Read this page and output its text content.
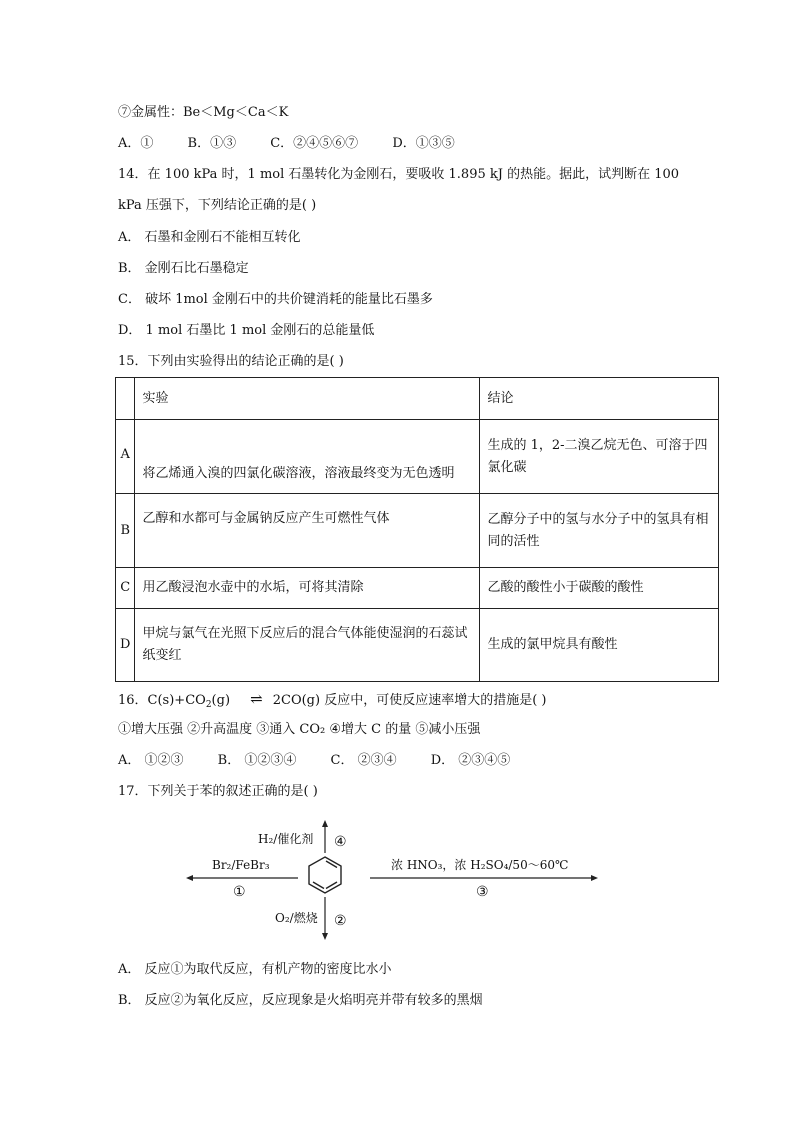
⑦金属性：Be＜Mg＜Ca＜K
A．①	B．①③	C．②④⑤⑥⑦	D．①③⑤
14．在 100 kPa 时，1 mol 石墨转化为金刚石，要吸收 1.895 kJ 的热能。据此，试判断在 100
kPa 压强下，下列结论正确的是( )
A． 石墨和金刚石不能相互转化
B． 金刚石比石墨稳定
C． 破坏 1mol 金刚石中的共价键消耗的能量比石墨多
D． 1 mol 石墨比 1 mol 金刚石的总能量低
15．下列由实验得出的结论正确的是( )
	实验	结论
A	将乙烯通入溴的四氯化碳溶液，溶液最终变为无色透明	生成的 1，2-二溴乙烷无色、可溶于四氯化碳
B	乙醇和水都可与金属钠反应产生可燃性气体	乙醇分子中的氢与水分子中的氢具有相同的活性
C	用乙酸浸泡水壶中的水垢，可将其清除	乙酸的酸性小于碳酸的酸性
D	甲烷与氯气在光照下反应后的混合气体能使湿润的石蕊试纸变红	生成的氯甲烷具有酸性
16．$C(s)+CO_2(g)$ ⇌ 2CO(g) 反应中，可使反应速率增大的措施是( )
①增大压强 ②升高温度 ③通入 CO₂ ④增大 C 的量 ⑤减小压强
A． ①②③	B． ①②③④	C． ②③④	D． ②③④⑤
17．下列关于苯的叙述正确的是( )
H₂/催化剂 ④
Br₂/FeBr₃
①
O₂/燃烧 ②
浓 HNO₃，浓 H₂SO₄/50～60℃
③
A． 反应①为取代反应，有机产物的密度比水小
B． 反应②为氧化反应，反应现象是火焰明亮并带有较多的黑烟
